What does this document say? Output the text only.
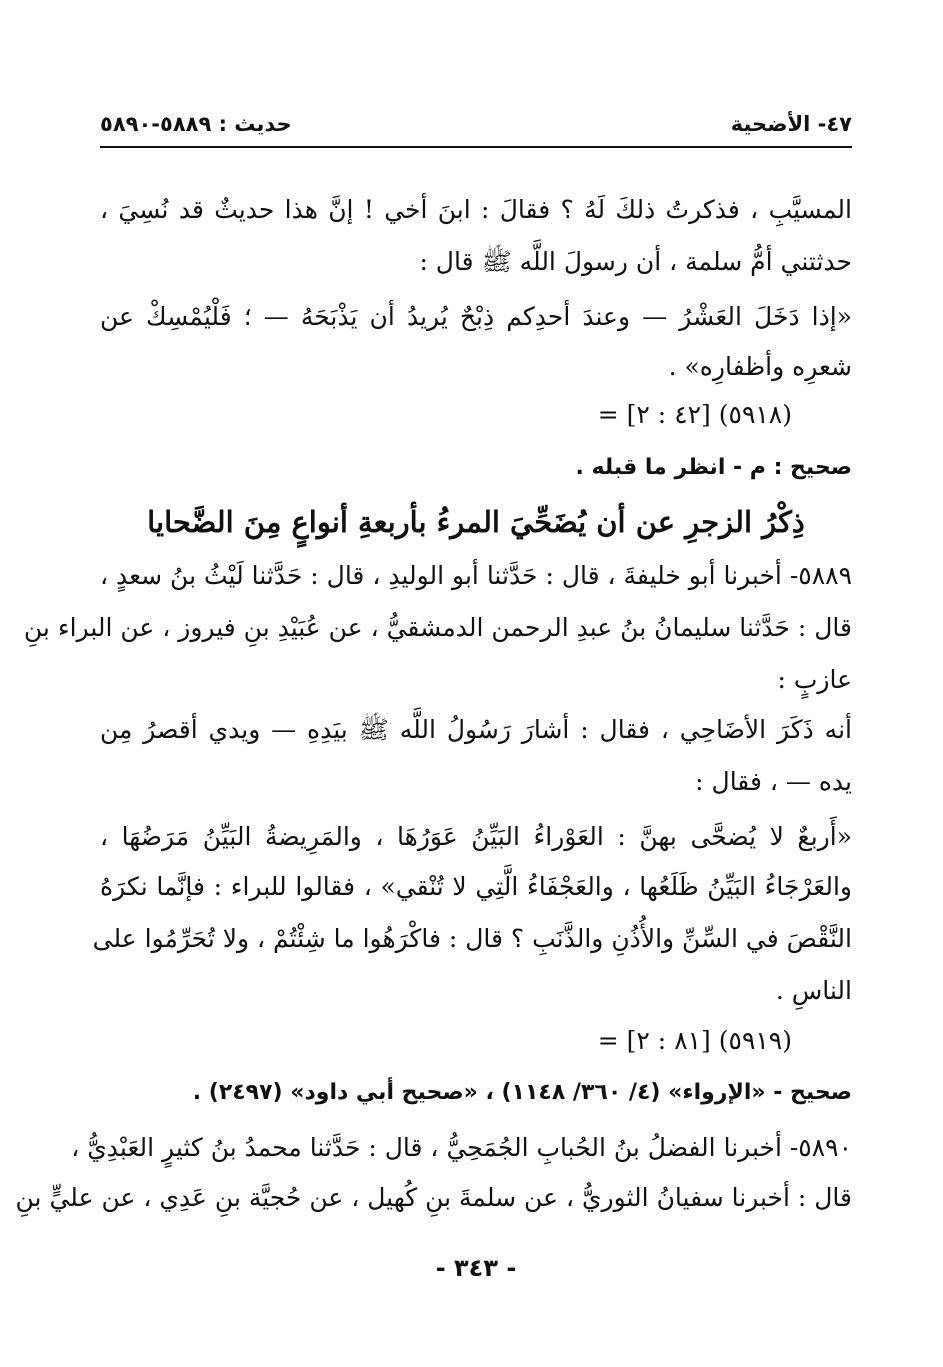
٤٧- الأضحية
حديث : ٥٨٨٩-٥٨٩٠
المسيَّبِ ، فذكرتُ ذلكَ لَهُ ؟ فقالَ : ابنَ أخي ! إنَّ هذا حديثٌ قد نُسِيَ ،
حدثتني أمُّ سلمة ، أن رسولَ اللَّه ﷺ قال :
«إذا دَخَلَ العَشْرُ — وعندَ أحدِكم ذِبْحٌ يُريدُ أن يَذْبَحَهُ — ؛ فَلْيُمْسِكْ عن
شعرِه وأظفارِه» .
= [٤٢ : ٢] (٥٩١٨)
صحيح : م - انظر ما قبله .
ذِكْرُ الزجرِ عن أن يُضَحِّيَ المرءُ بأربعةِ أنواعٍ مِنَ الضَّحايا
٥٨٨٩- أخبرنا أبو خليفةَ ، قال : حَدَّثنا أبو الوليدِ ، قال : حَدَّثنا لَيْثُ بنُ سعدٍ ،
قال : حَدَّثنا سليمانُ بنُ عبدِ الرحمن الدمشقيُّ ، عن عُبَيْدِ بنِ فيروز ، عن البراء بنِ
عازبٍ :
أنه ذَكَرَ الأضَاحِي ، فقال : أشارَ رَسُولُ اللَّه ﷺ بيَدِهِ — ويدي أقصرُ مِن
يده — ، فقال :
«أَربعٌ لا يُضحَّى بهنَّ : العَوْراءُ البَيِّنُ عَوَرُهَا ، والمَرِيضةُ البَيِّنُ مَرَضُهَا ،
والعَرْجَاءُ البَيِّنُ ظَلَعُها ، والعَجْفَاءُ الَّتِي لا تُنْقي» ، فقالوا للبراء : فإنَّما نكرَهُ
النَّقْصَ في السِّنِّ والأُذُنِ والذَّنَبِ ؟ قال : فاكْرَهُوا ما شِئْتُمْ ، ولا تُحَرِّمُوا على
الناسِ .
= [٨١ : ٢] (٥٩١٩)
صحيح - «الإرواء» (٤/ ٣٦٠/ ١١٤٨) ، «صحيح أبي داود» (٢٤٩٧) .
٥٨٩٠- أخبرنا الفضلُ بنُ الحُبابِ الجُمَحِيُّ ، قال : حَدَّثنا محمدُ بنُ كثيرٍ العَبْدِيُّ ،
قال : أخبرنا سفيانُ الثوريُّ ، عن سلمةَ بنِ كُهيل ، عن حُجيَّة بنِ عَدِي ، عن عليٍّ بنِ
- ٣٤٣ -
